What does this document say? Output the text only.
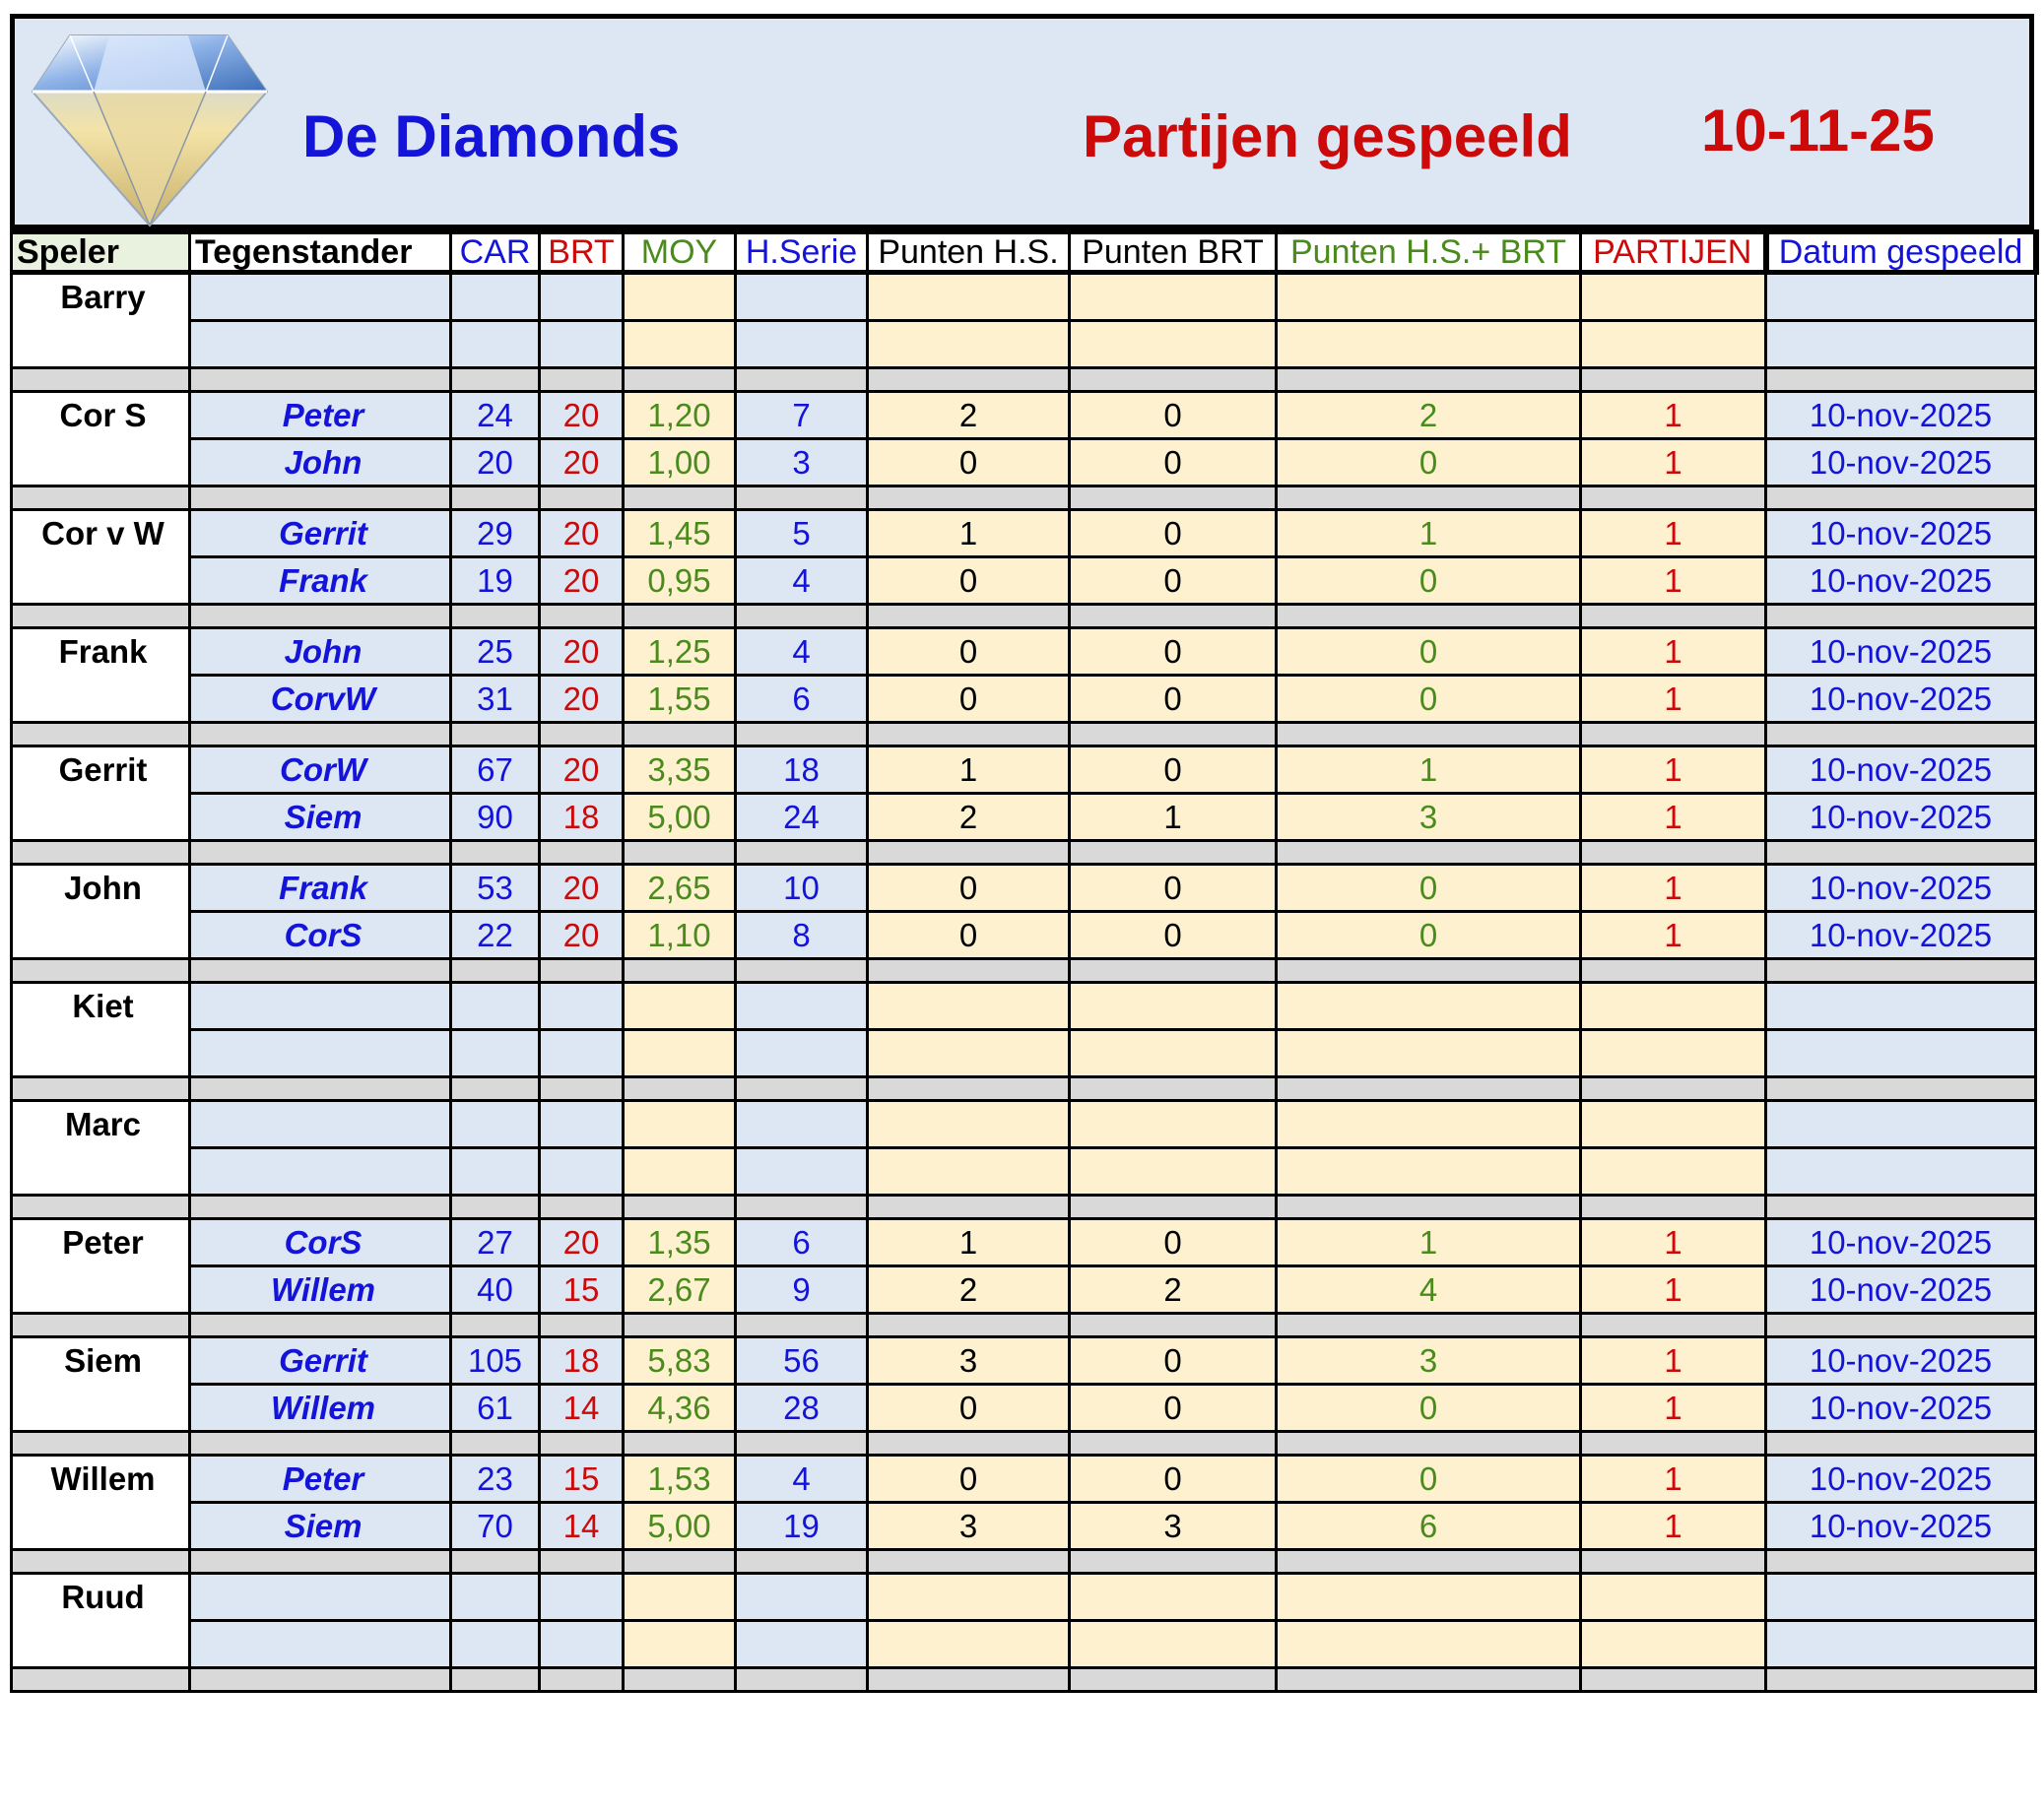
De Diamonds	Partijen gespeeld 10-11-25
Speler	Tegenstander	CAR	BRT	MOY	H.Serie	Punten H.S.	Punten BRT	Punten H.S.+ BRT	PARTIJEN	Datum gespeeld
Barry										

Cor S	Peter	24	20	1,20	7	2	0	2	1	10-nov-2025
	John	20	20	1,00	3	0	0	0	1	10-nov-2025

Cor v W	Gerrit	29	20	1,45	5	1	0	1	1	10-nov-2025
	Frank	19	20	0,95	4	0	0	0	1	10-nov-2025

Frank	John	25	20	1,25	4	0	0	0	1	10-nov-2025
	CorvW	31	20	1,55	6	0	0	0	1	10-nov-2025

Gerrit	CorW	67	20	3,35	18	1	0	1	1	10-nov-2025
	Siem	90	18	5,00	24	2	1	3	1	10-nov-2025

John	Frank	53	20	2,65	10	0	0	0	1	10-nov-2025
	CorS	22	20	1,10	8	0	0	0	1	10-nov-2025

Kiet										

Marc										

Peter	CorS	27	20	1,35	6	1	0	1	1	10-nov-2025
	Willem	40	15	2,67	9	2	2	4	1	10-nov-2025

Siem	Gerrit	105	18	5,83	56	3	0	3	1	10-nov-2025
	Willem	61	14	4,36	28	0	0	0	1	10-nov-2025

Willem	Peter	23	15	1,53	4	0	0	0	1	10-nov-2025
	Siem	70	14	5,00	19	3	3	6	1	10-nov-2025

Ruud										
